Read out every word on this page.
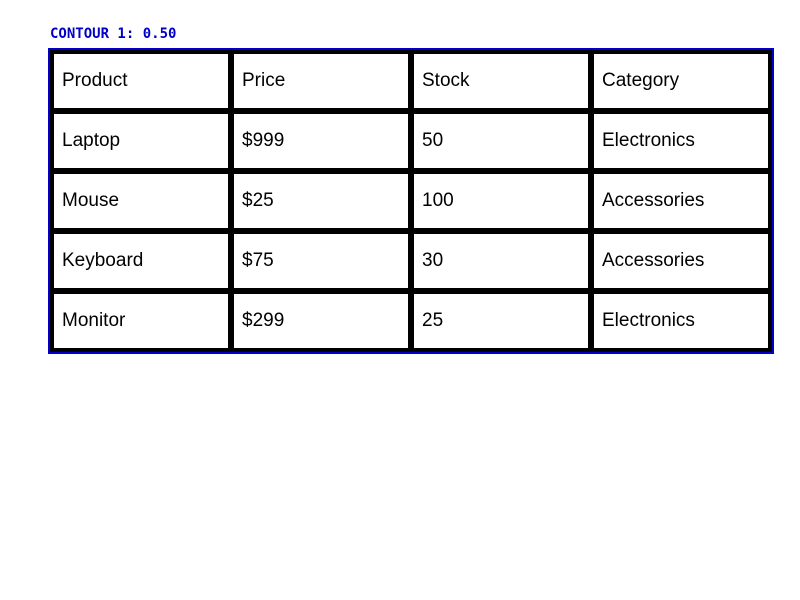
CONTOUR 1: 0.50
Product	Price	Stock	Category
Laptop	$999	50	Electronics
Mouse	$25	100	Accessories
Keyboard	$75	30	Accessories
Monitor	$299	25	Electronics
